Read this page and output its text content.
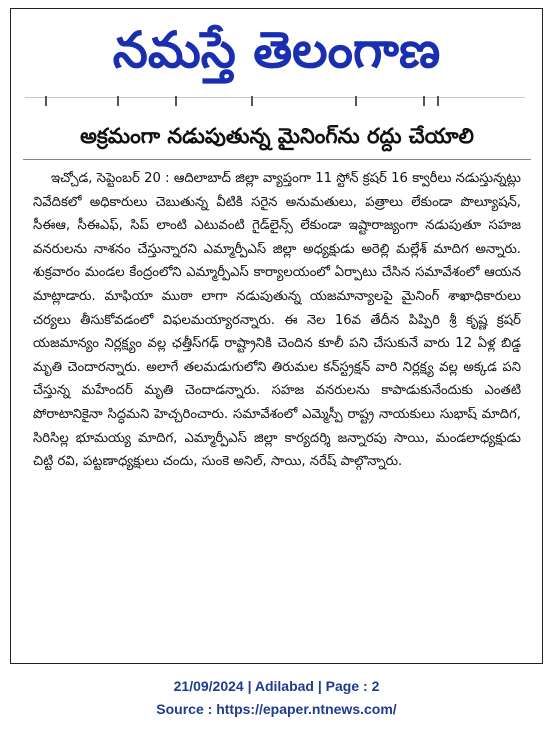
నమస్తే తెలంగాణ
అక్రమంగా నడుపుతున్న మైనింగ్‌ను రద్దు చేయాలి

ఇచ్చోడ, సెప్టెంబర్ 20 : ఆదిలాబాద్ జిల్లా వ్యాప్తంగా 11 స్టోన్ క్రషర్ 16 క్వారీలు నడుస్తున్నట్లు నివేదికలో అధికారులు చెబుతున్న వీటికి సరైన అనుమతులు, పత్రాలు లేకుండా పొల్యూషన్, సీఈఆ, సీఈఎఫ్, సిప్ లాంటి ఎటువంటి గైడ్‌లైన్స్ లేకుండా ఇష్టారాజ్యంగా నడుపుతూ సహజ వనరులను నాశనం చేస్తున్నారని ఎమ్మార్పీఎస్ జిల్లా అధ్యక్షుడు అరెల్లి మల్లేశ్ మాదిగ అన్నారు. శుక్రవారం మండల కేంద్రంలోని ఎమ్మార్పీఎస్ కార్యాలయంలో ఏర్పాటు చేసిన సమావేశంలో ఆయన మాట్లాడారు. మాఫియా ముఠా లాగా నడుపుతున్న యజమాన్యాలపై మైనింగ్ శాఖాధికారులు చర్యలు తీసుకోవడంలో విఫలమయ్యారన్నారు. ఈ నెల 16వ తేదీన పిప్పిరి శ్రీ కృష్ణ క్రషర్ యజమాన్యం నిర్లక్ష్యం వల్ల ఛత్తీస్‌గఢ్ రాష్ట్రానికి చెందిన కూలీ పని చేసుకునే వారు 12 ఏళ్ల బిడ్డ మృతి చెందారన్నారు. అలాగే తలమడుగులోని తిరుమల కన్‌స్ట్రక్షన్ వారి నిర్లక్ష్య వల్ల అక్కడ పని చేస్తున్న మహేందర్ మృతి చెందాడన్నారు. సహజ వనరులను కాపాడుకునేందుకు ఎంతటి పోరాటానికైనా సిద్ధమని హెచ్చరించారు. సమావేశంలో ఎమ్మెస్పీ రాష్ట్ర నాయకులు సుభాష్ మాదిగ, సిరిసిల్ల భూమయ్య మాదిగ, ఎమ్మార్పీఎస్ జిల్లా కార్యదర్శి జన్నారపు సాయి, మండలాధ్యక్షుడు చిట్టి రవి, పట్టణాధ్యక్షులు చందు, సుంకె అనిల్, సాయి, నరేష్ పాల్గొన్నారు.

21/09/2024 | Adilabad | Page : 2
Source : https://epaper.ntnews.com/
